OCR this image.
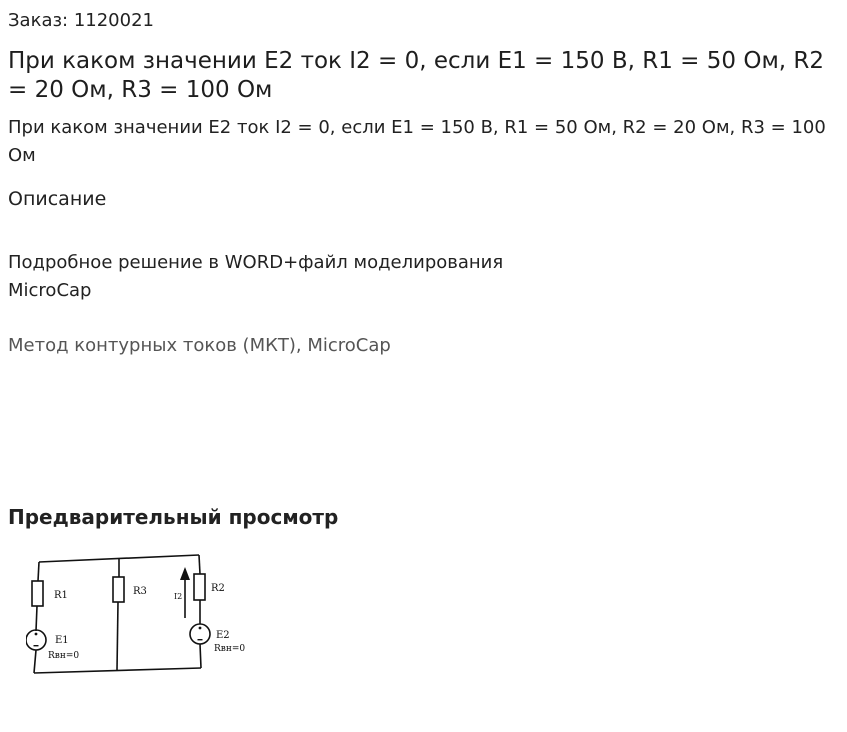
Заказ: 1120021
При каком значении E2 ток I2 = 0, если E1 = 150 В, R1 = 50 Ом, R2 = 20 Ом, R3 = 100 Ом
При каком значении E2 ток I2 = 0, если E1 = 150 В, R1 = 50 Ом, R2 = 20 Ом, R3 = 100 Ом
Описание
Подробное решение в WORD+файл моделирования MicroCap
Метод контурных токов (МКТ), MicroCap
Предварительный просмотр
R1	R3	R2
I2
E1	E2
Rвн=0
Rвн=0
